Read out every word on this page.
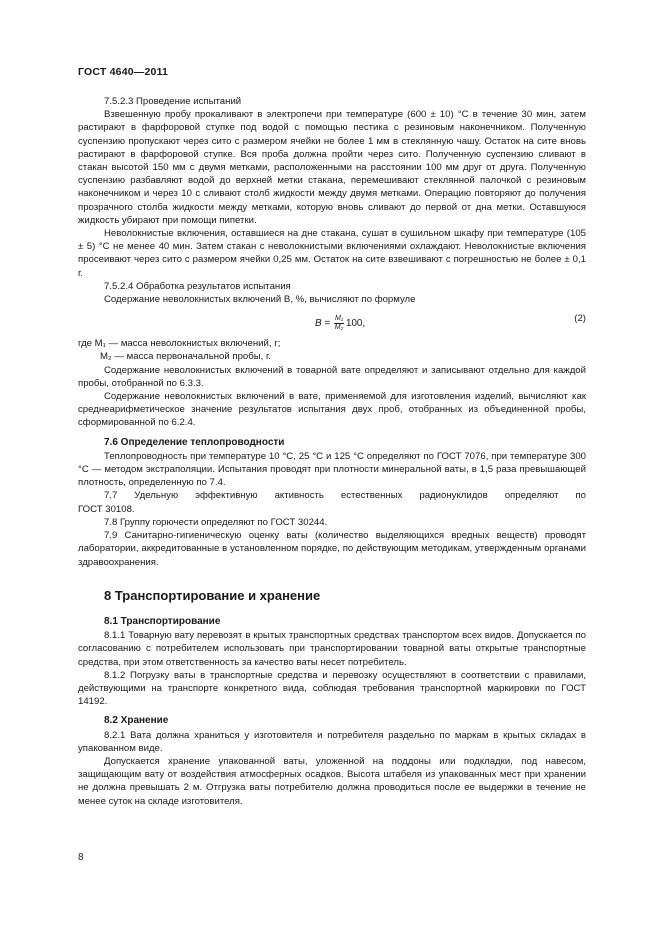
ГОСТ 4640—2011

7.5.2.3 Проведение испытаний

Взвешенную пробу прокаливают в электропечи при температуре (600 ± 10) °С в течение 30 мин, затем растирают в фарфоровой ступке под водой с помощью пестика с резиновым наконечником. Полученную суспензию пропускают через сито с размером ячейки не более 1 мм в стеклянную чашу. Остаток на сите вновь растирают в фарфоровой ступке. Вся проба должна пройти через сито. Полученную суспензию сливают в стакан высотой 150 мм с двумя метками, расположенными на расстоянии 100 мм друг от друга. Полученную суспензию разбавляют водой до верхней метки стакана, перемешивают стеклянной палочкой с резиновым наконечником и через 10 с сливают столб жидкости между двумя метками. Операцию повторяют до получения прозрачного столба жидкости между метками, которую вновь сливают до первой от дна метки. Оставшуюся жидкость убирают при помощи пипетки.

Неволокнистые включения, оставшиеся на дне стакана, сушат в сушильном шкафу при температуре (105 ± 5) °С не менее 40 мин. Затем стакан с неволокнистыми включениями охлаждают. Неволокнистые включения просеивают через сито с размером ячейки 0,25 мм. Остаток на сите взвешивают с погрешностью не более ± 0,1 г.

7.5.2.4 Обработка результатов испытания

Содержание неволокнистых включений B, %, вычисляют по формуле

$B = \frac{\text{M₁}}{\text{M₂}} 100$,	(2)
где M₁ — масса неволокнистых включений, г;
M₂ — масса первоначальной пробы, г.

Содержание неволокнистых включений в товарной вате определяют и записывают отдельно для каждой пробы, отобранной по 6.3.3.

Содержание неволокнистых включений в вате, применяемой для изготовления изделий, вычисляют как среднеарифметическое значение результатов испытания двух проб, отобранных из объединенной пробы, сформированной по 6.2.4.

7.6 Определение теплопроводности

Теплопроводность при температуре 10 °С, 25 °С и 125 °С определяют по ГОСТ 7076, при температуре 300 °С — методом экстраполяции. Испытания проводят при плотности минеральной ваты, в 1,5 раза превышающей плотность, определенную по 7.4.

7.7 Удельную эффективную активность естественных радионуклидов определяют по

ГОСТ 30108.

7.8 Группу горючести определяют по ГОСТ 30244.

7.9 Санитарно-гигиеническую оценку ваты (количество выделяющихся вредных веществ) проводят лаборатории, аккредитованные в установленном порядке, по действующим методикам, утвержденным органами здравоохранения.

8 Транспортирование и хранение
8.1 Транспортирование

8.1.1 Товарную вату перевозят в крытых транспортных средствах транспортом всех видов. Допускается по согласованию с потребителем использовать при транспортировании товарной ваты открытые транспортные средства, при этом ответственность за качество ваты несет потребитель.

8.1.2 Погрузку ваты в транспортные средства и перевозку осуществляют в соответствии с правилами, действующими на транспорте конкретного вида, соблюдая требования транспортной маркировки по ГОСТ 14192.

8.2 Хранение

8.2.1 Вата должна храниться у изготовителя и потребителя раздельно по маркам в крытых складах в упакованном виде.

Допускается хранение упакованной ваты, уложенной на поддоны или подкладки, под навесом, защищающим вату от воздействия атмосферных осадков. Высота штабеля из упакованных мест при хранении не должна превышать 2 м. Отгрузка ваты потребителю должна проводиться после ее выдержки в течение не менее суток на складе изготовителя.

8
